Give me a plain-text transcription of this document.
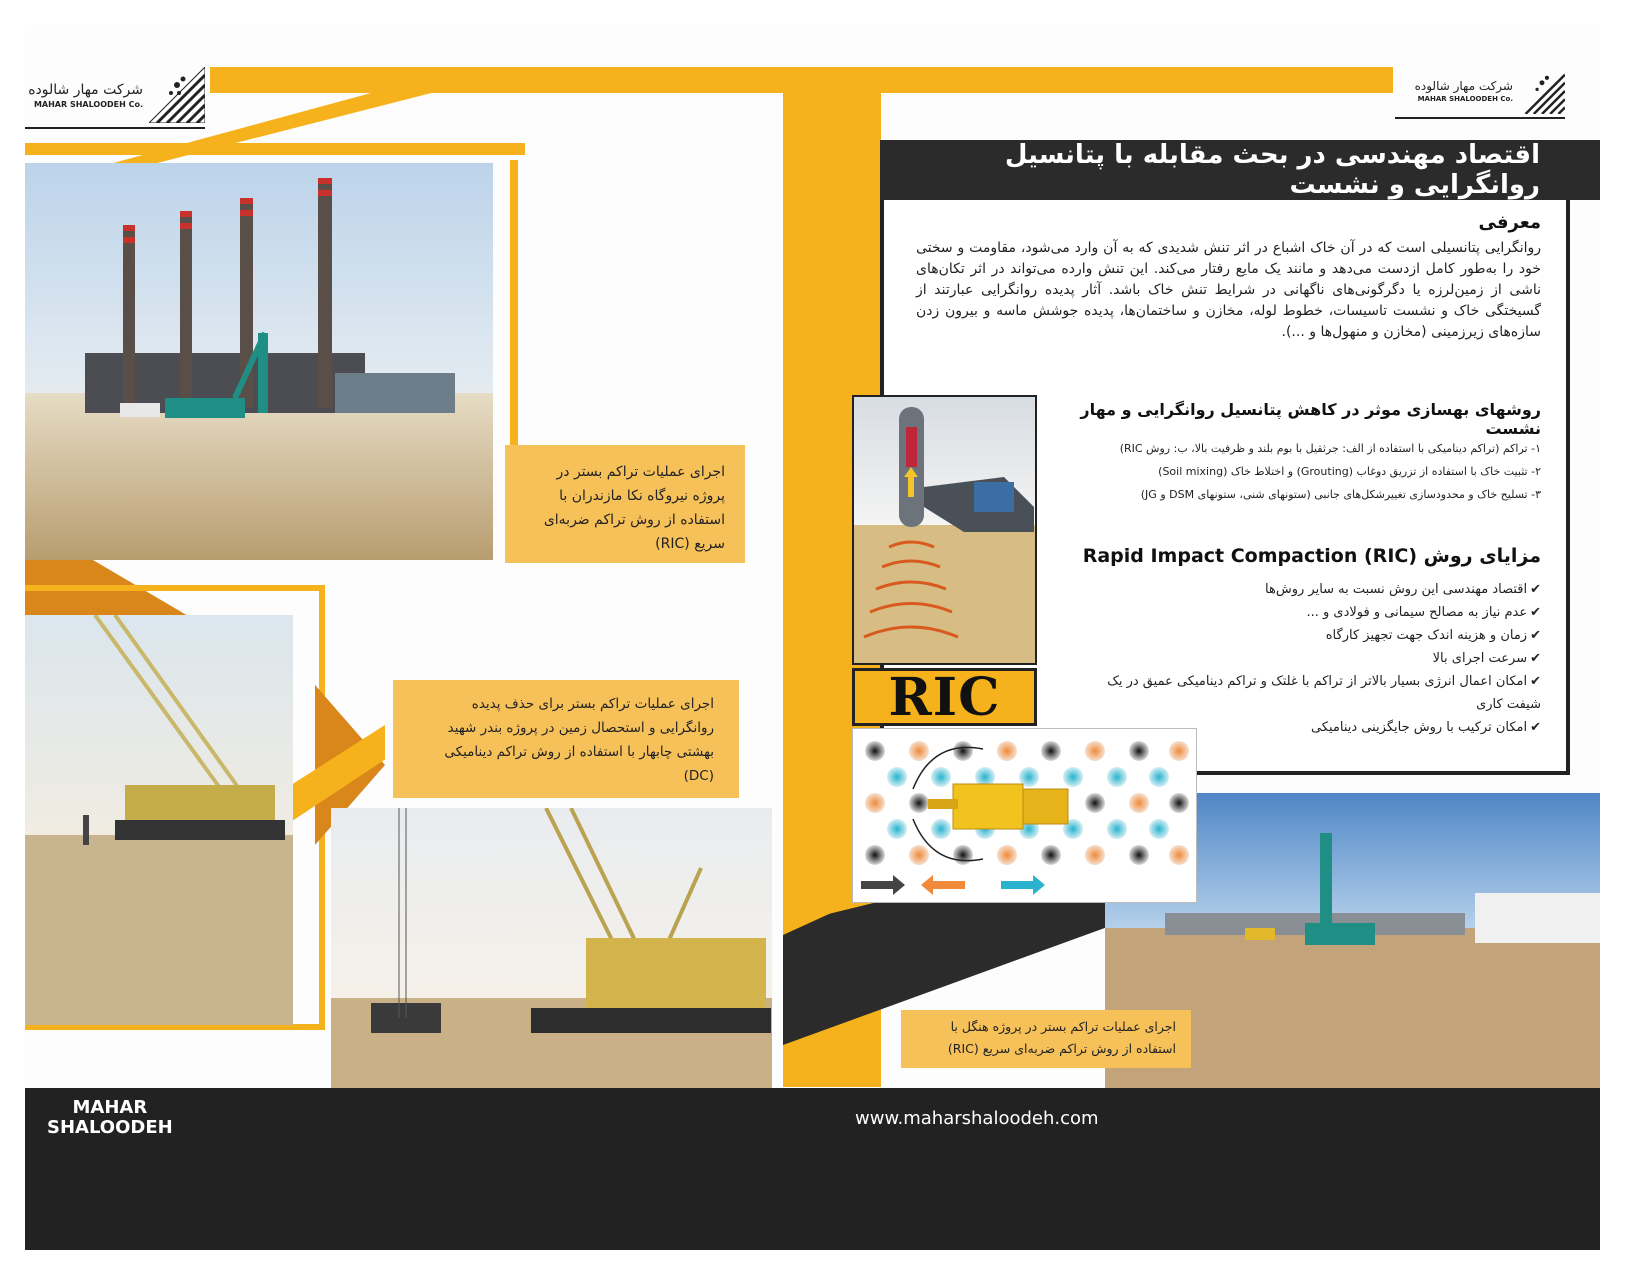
شرکت مهار شالوده
MAHAR SHALOODEH Co.
شرکت مهار شالوده
MAHAR SHALOODEH Co.
اجرای عملیات تراکم بستر در پروژه نیروگاه نکا مازندران با استفاده از روش تراکم ضربه‌ای سریع (RIC)
اجرای عملیات تراکم بستر برای حذف پدیده روانگرایی و استحصال زمین در پروژه بندر شهید بهشتی چابهار با استفاده از روش تراکم دینامیکی (DC)
اجرای عملیات تراکم بستر در پروژه هنگل با استفاده از روش تراکم ضربه‌ای سریع (RIC)
اقتصاد مهندسی در بحث مقابله با پتانسیل روانگرایی و نشست
معرفی
روانگرایی پتانسیلی است که در آن خاک اشباع در اثر تنش شدیدی که به آن وارد می‌شود، مقاومت و سختی خود را به‌طور کامل ازدست می‌دهد و مانند یک مایع رفتار می‌کند. این تنش وارده می‌تواند در اثر تکان‌های ناشی از زمین‌لرزه یا دگرگونی‌های ناگهانی در شرایط تنش خاک باشد. آثار پدیده روانگرایی عبارتند از گسیختگی خاک و نشست تاسیسات، خطوط لوله، مخازن و ساختمان‌ها، پدیده جوشش ماسه و بیرون زدن سازه‌های زیرزمینی (مخازن و منهول‌ها و ...).
روشهای بهسازی موثر در کاهش پتانسیل روانگرایی و مهار نشست
۱- تراکم (تراکم دینامیکی با استفاده از الف: جرثقیل با بوم بلند و ظرفیت بالا، ب: روش RIC)
۲- تثبیت خاک با استفاده از تزریق دوغاب (Grouting) و اختلاط خاک (Soil mixing)
۳- تسلیح خاک و محدودسازی تغییرشکل‌های جانبی (ستونهای شنی، ستونهای DSM و JG)
مزایای روش Rapid Impact Compaction (RIC)
✔اقتصاد مهندسی این روش نسبت به سایر روش‌ها
✔عدم نیاز به مصالح سیمانی و فولادی و ...
✔زمان و هزینه اندک جهت تجهیز کارگاه
✔سرعت اجرای بالا
✔امکان اعمال انرژی بسیار بالاتر از تراکم با غلتک و تراکم دینامیکی عمیق در یک شیفت کاری
✔امکان ترکیب با روش جایگزینی دینامیکی
RIC
MAHAR
SHALOODEH	www.maharshaloodeh.com
